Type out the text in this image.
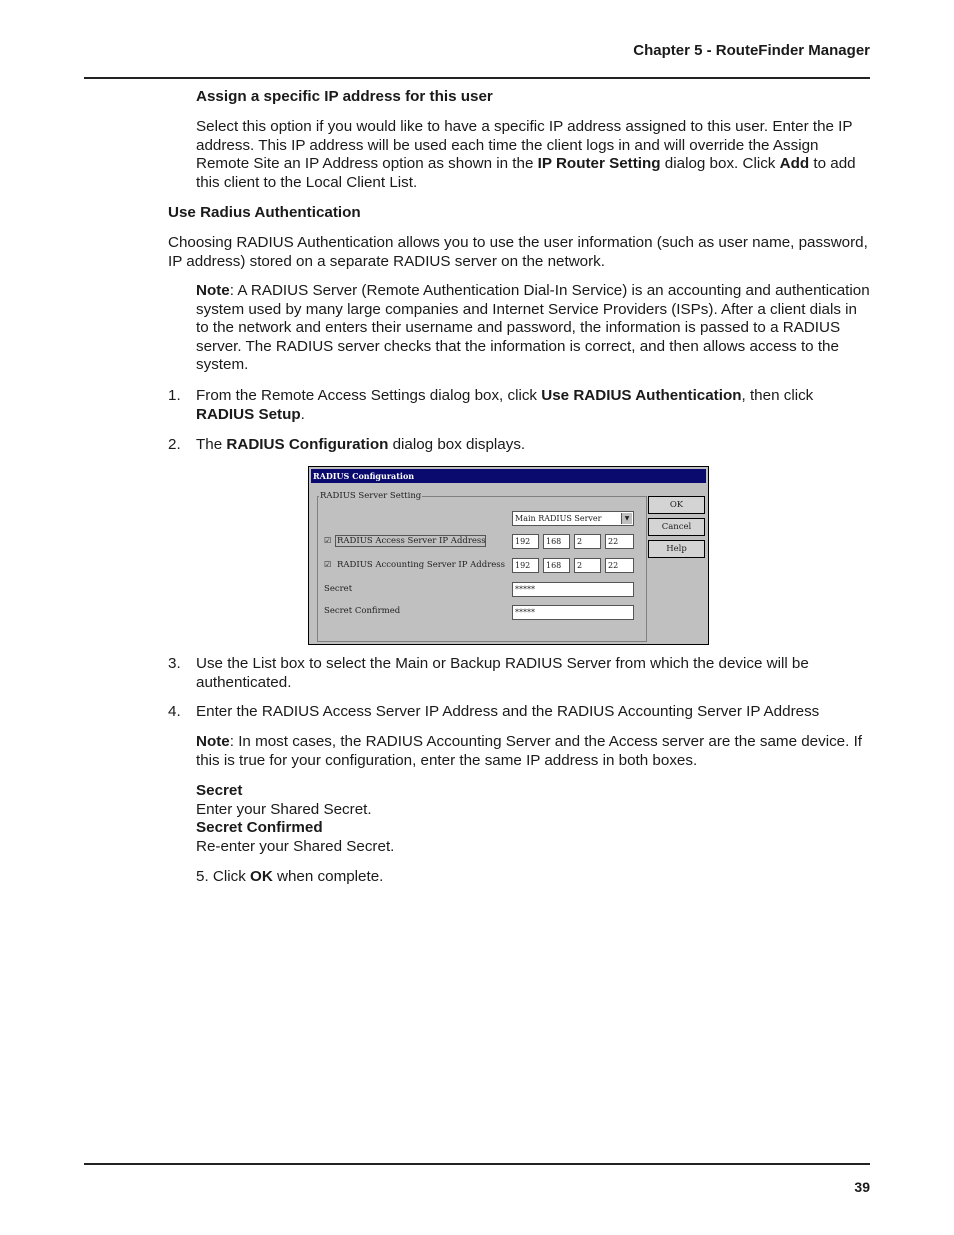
Chapter 5 - RouteFinder Manager
Assign a specific IP address for this user
Select this option if you would like to have a specific IP address assigned to this user. Enter the IP address. This IP address will be used each time the client logs in and will override the Assign Remote Site an IP Address option as shown in the IP Router Setting dialog box. Click Add to add this client to the Local Client List.
Use Radius Authentication
Choosing RADIUS Authentication allows you to use the user information (such as user name, password, IP address) stored on a separate RADIUS server on the network.
Note: A RADIUS Server (Remote Authentication Dial-In Service) is an accounting and authentication system used by many large companies and Internet Service Providers (ISPs). After a client dials in to the network and enters their username and password, the information is passed to a RADIUS server. The RADIUS server checks that the information is correct, and then allows access to the system.
1. From the Remote Access Settings dialog box, click Use RADIUS Authentication, then click RADIUS Setup.
2. The RADIUS Configuration dialog box displays.
RADIUS Configuration
RADIUS Server Setting
Main RADIUS Server	▼
☑ RADIUS Access Server IP Address	192	168	2	22
☑ RADIUS Accounting Server IP Address	192	168	2	22
Secret	*****
Secret Confirmed	*****
OK
Cancel
Help
3. Use the List box to select the Main or Backup RADIUS Server from which the device will be authenticated.
4. Enter the RADIUS Access Server IP Address and the RADIUS Accounting Server IP Address
Note: In most cases, the RADIUS Accounting Server and the Access server are the same device. If this is true for your configuration, enter the same IP address in both boxes.
Secret
Enter your Shared Secret.
Secret Confirmed
Re-enter your Shared Secret.
5. Click OK when complete.
39
